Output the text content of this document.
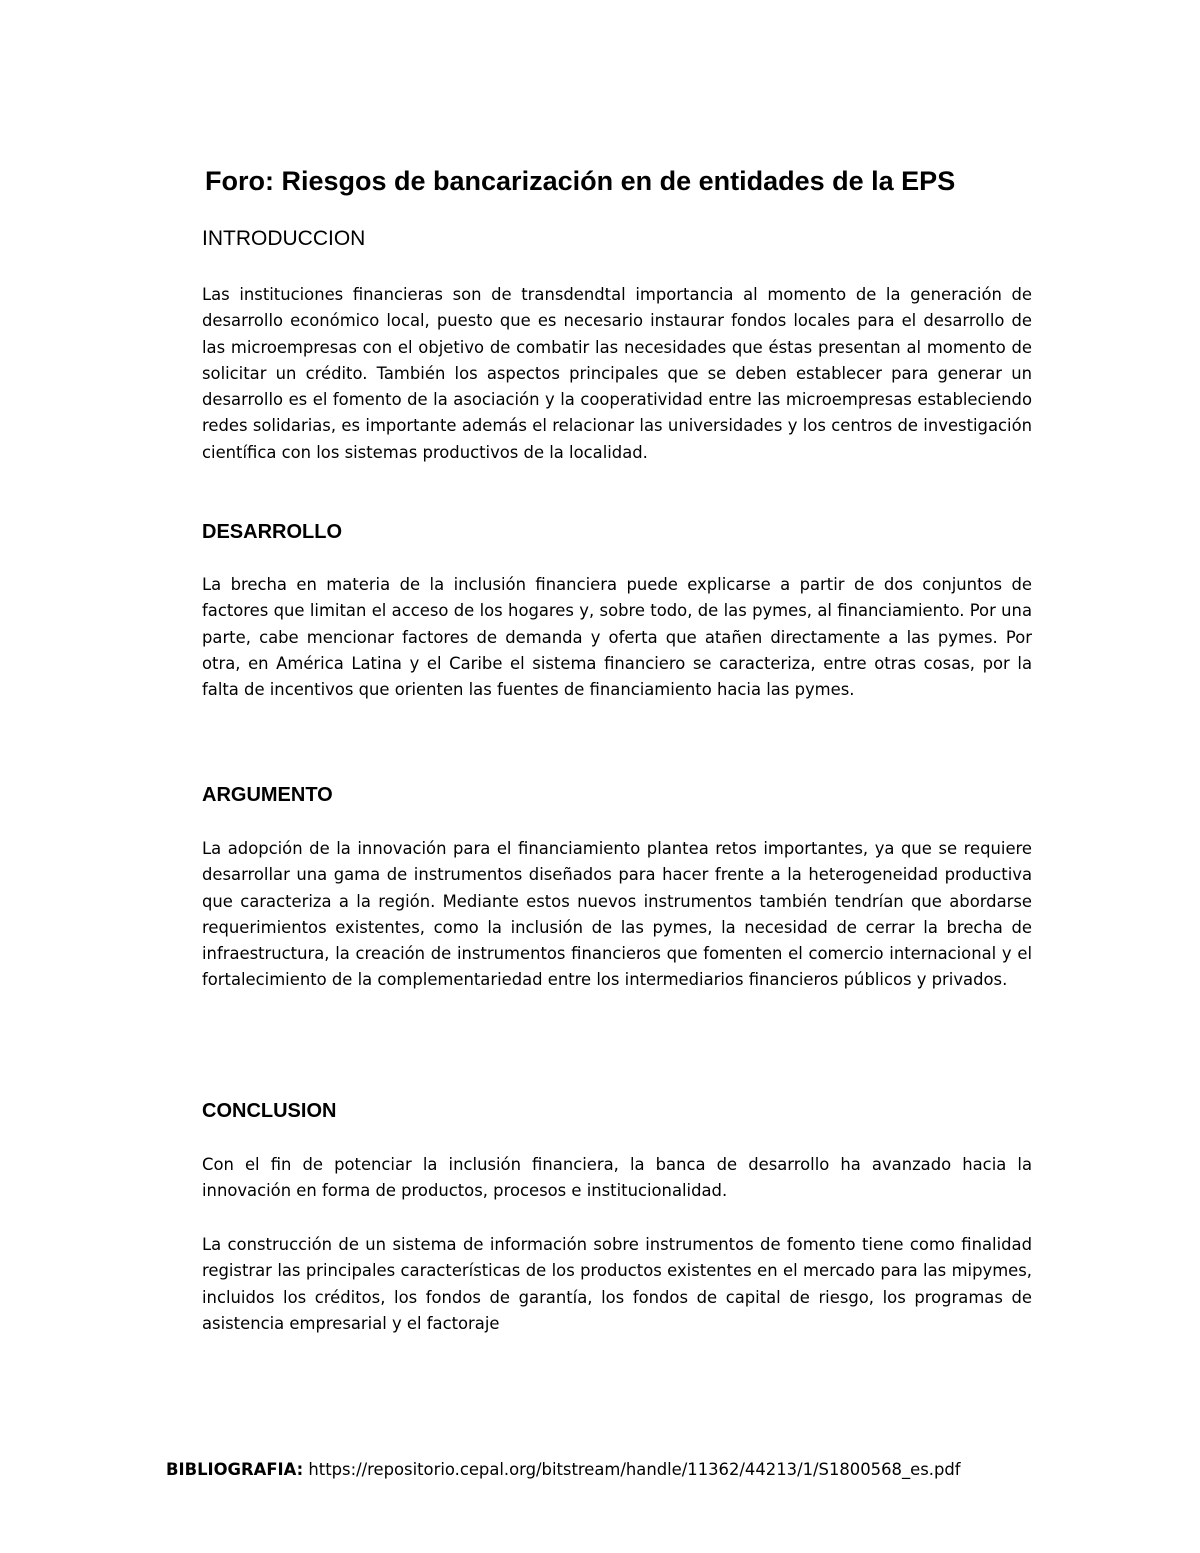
Foro: Riesgos de bancarización en de entidades de la EPS
INTRODUCCION

Las instituciones financieras son de transdendtal importancia al momento de la generación de desarrollo económico local, puesto que es necesario instaurar fondos locales para el desarrollo de las microempresas con el objetivo de combatir las necesidades que éstas presentan al momento de solicitar un crédito. También los aspectos principales que se deben establecer para generar un desarrollo es el fomento de la asociación y la cooperatividad entre las microempresas estableciendo redes solidarias, es importante además el relacionar las universidades y los centros de investigación científica con los sistemas productivos de la localidad.

DESARROLLO

La brecha en materia de la inclusión financiera puede explicarse a partir de dos conjuntos de factores que limitan el acceso de los hogares y, sobre todo, de las pymes, al financiamiento. Por una parte, cabe mencionar factores de demanda y oferta que atañen directamente a las pymes. Por otra, en América Latina y el Caribe el sistema financiero se caracteriza, entre otras cosas, por la falta de incentivos que orienten las fuentes de financiamiento hacia las pymes.

ARGUMENTO

La adopción de la innovación para el financiamiento plantea retos importantes, ya que se requiere desarrollar una gama de instrumentos diseñados para hacer frente a la heterogeneidad productiva que caracteriza a la región. Mediante estos nuevos instrumentos también tendrían que abordarse requerimientos existentes, como la inclusión de las pymes, la necesidad de cerrar la brecha de infraestructura, la creación de instrumentos financieros que fomenten el comercio internacional y el fortalecimiento de la complementariedad entre los intermediarios financieros públicos y privados.

CONCLUSION

Con el fin de potenciar la inclusión financiera, la banca de desarrollo ha avanzado hacia la innovación en forma de productos, procesos e institucionalidad.

La construcción de un sistema de información sobre instrumentos de fomento tiene como finalidad registrar las principales características de los productos existentes en el mercado para las mipymes, incluidos los créditos, los fondos de garantía, los fondos de capital de riesgo, los programas de asistencia empresarial y el factoraje

BIBLIOGRAFIA: https://repositorio.cepal.org/bitstream/handle/11362/44213/1/S1800568_es.pdf
